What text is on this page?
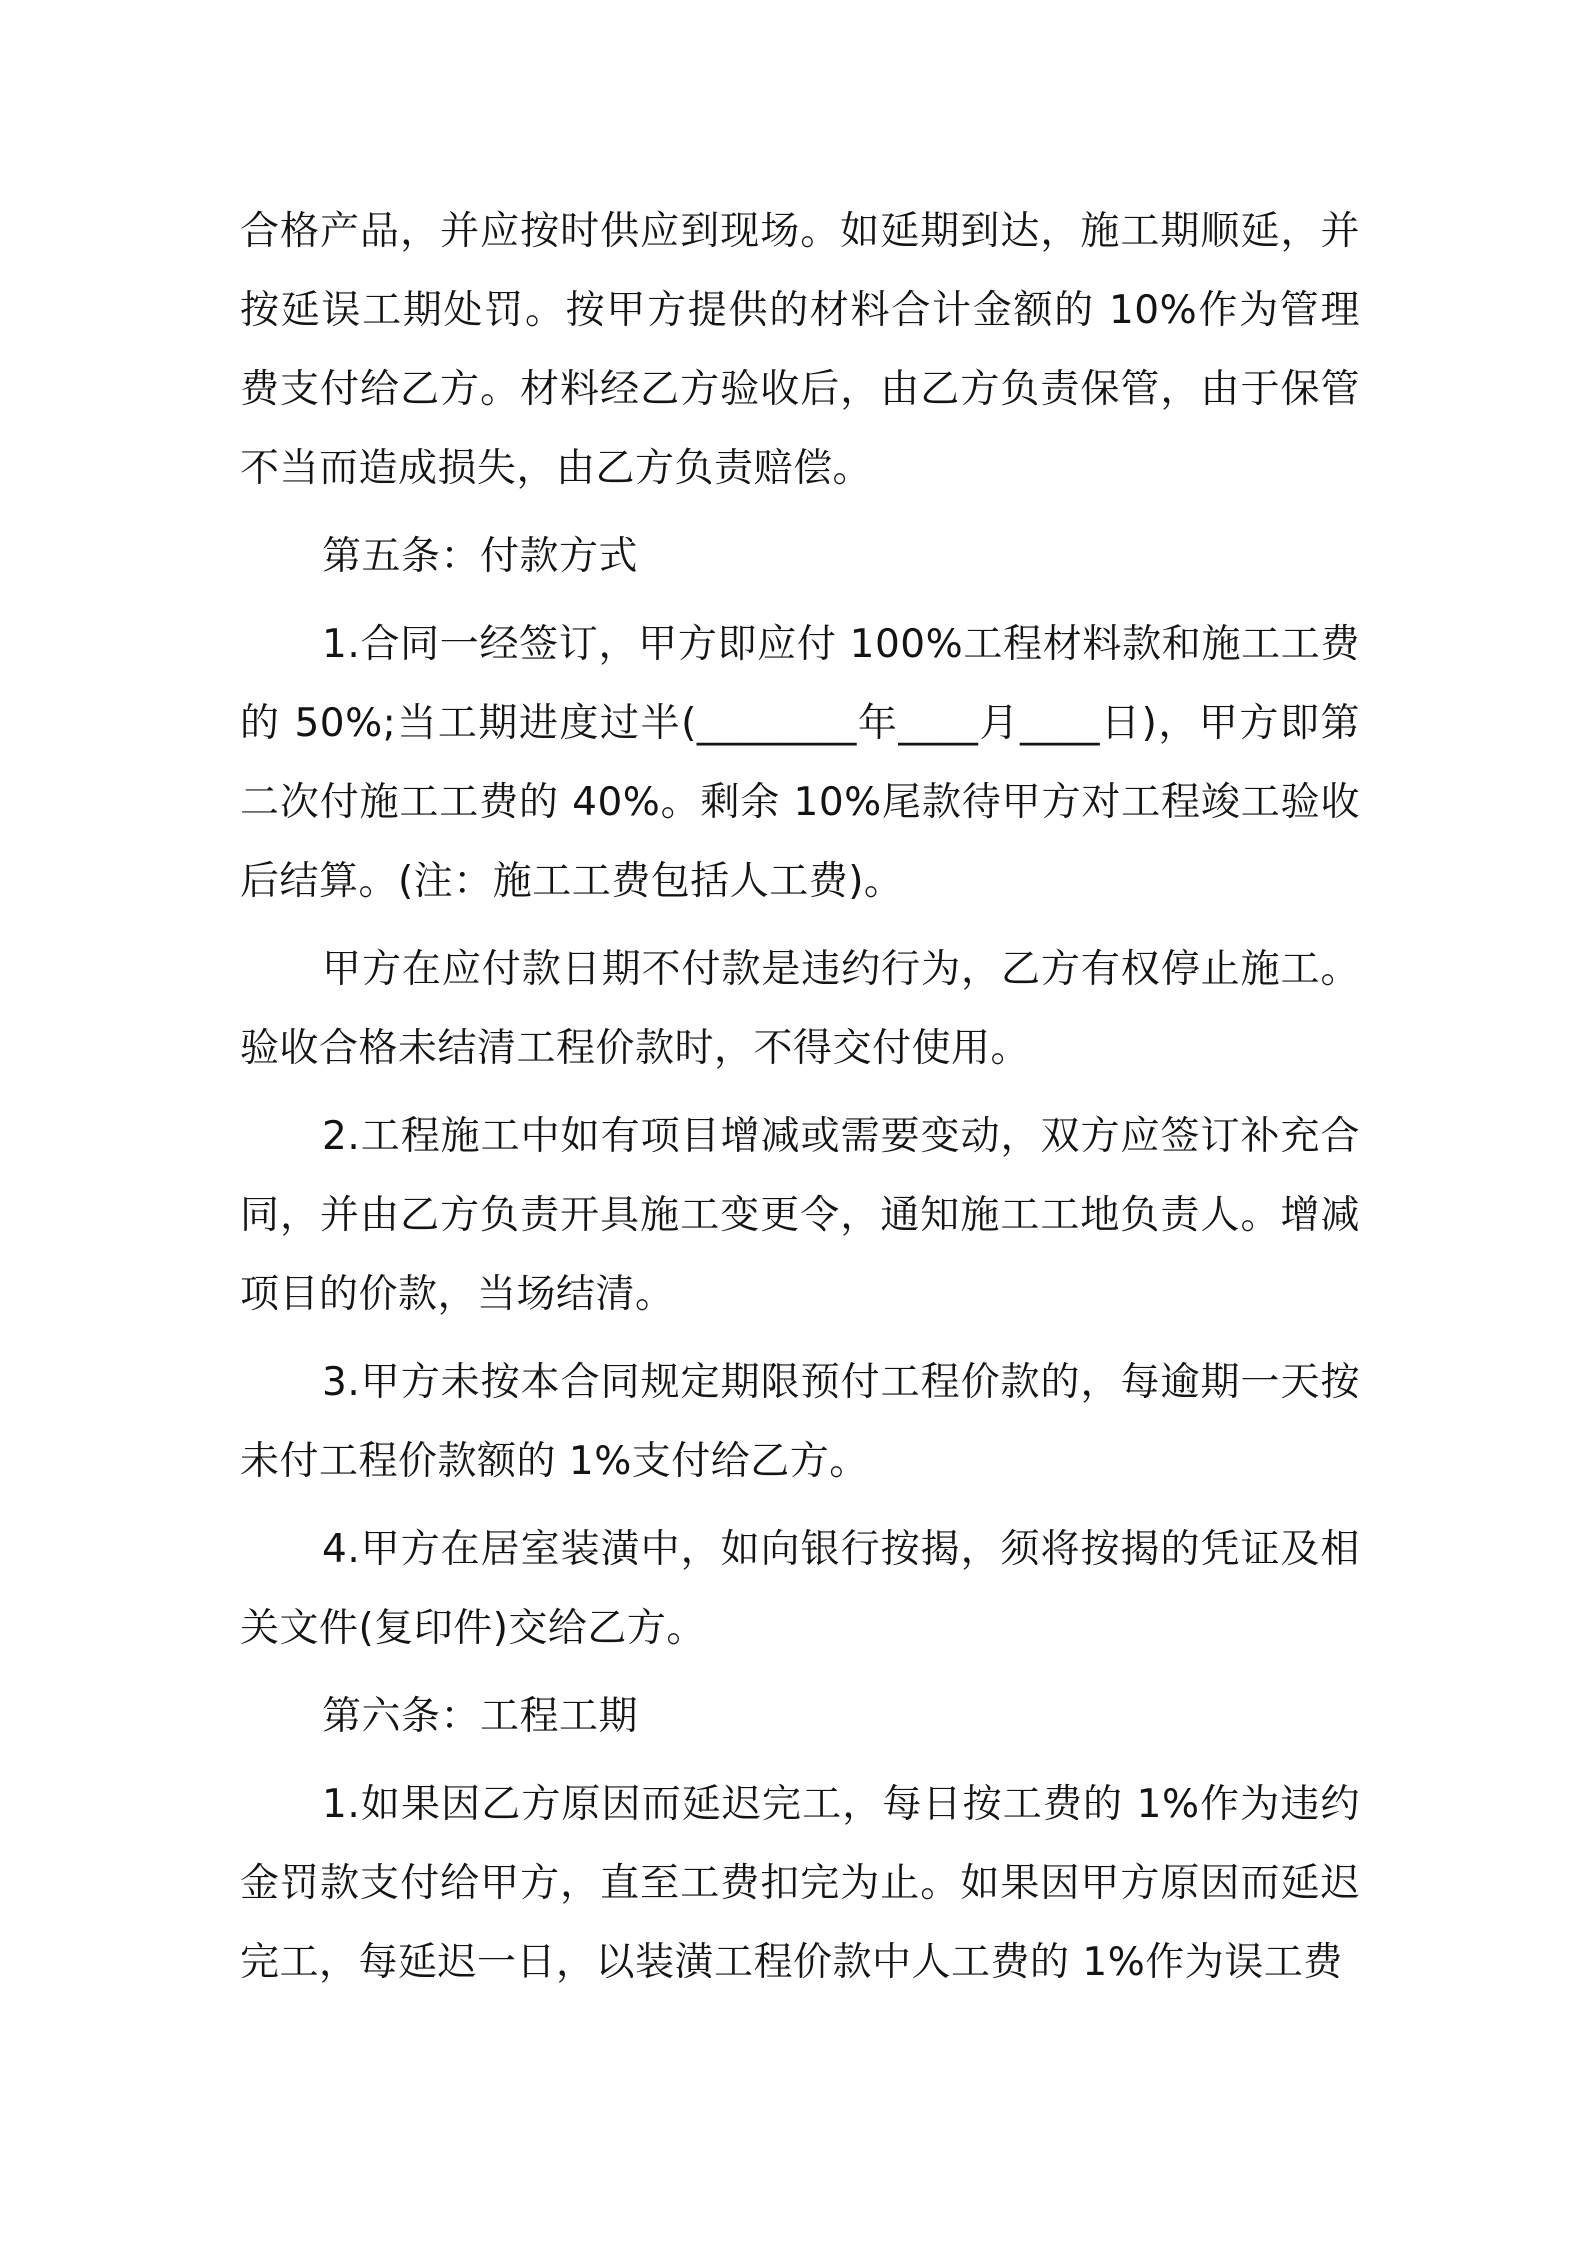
合格产品，并应按时供应到现场。如延期到达，施工期顺延，并按延误工期处罚。按甲方提供的材料合计金额的 10%作为管理费支付给乙方。材料经乙方验收后，由乙方负责保管，由于保管不当而造成损失，由乙方负责赔偿。

第五条：付款方式

1.合同一经签订，甲方即应付 100%工程材料款和施工工费的 50%;当工期进度过半(________年____月____日)，甲方即第二次付施工工费的 40%。剩余 10%尾款待甲方对工程竣工验收后结算。(注：施工工费包括人工费)。

甲方在应付款日期不付款是违约行为，乙方有权停止施工。验收合格未结清工程价款时，不得交付使用。

2.工程施工中如有项目增减或需要变动，双方应签订补充合同，并由乙方负责开具施工变更令，通知施工工地负责人。增减项目的价款，当场结清。

3.甲方未按本合同规定期限预付工程价款的，每逾期一天按未付工程价款额的 1%支付给乙方。

4.甲方在居室装潢中，如向银行按揭，须将按揭的凭证及相关文件(复印件)交给乙方。

第六条：工程工期

1.如果因乙方原因而延迟完工，每日按工费的 1%作为违约金罚款支付给甲方，直至工费扣完为止。如果因甲方原因而延迟完工，每延迟一日，以装潢工程价款中人工费的 1%作为误工费
